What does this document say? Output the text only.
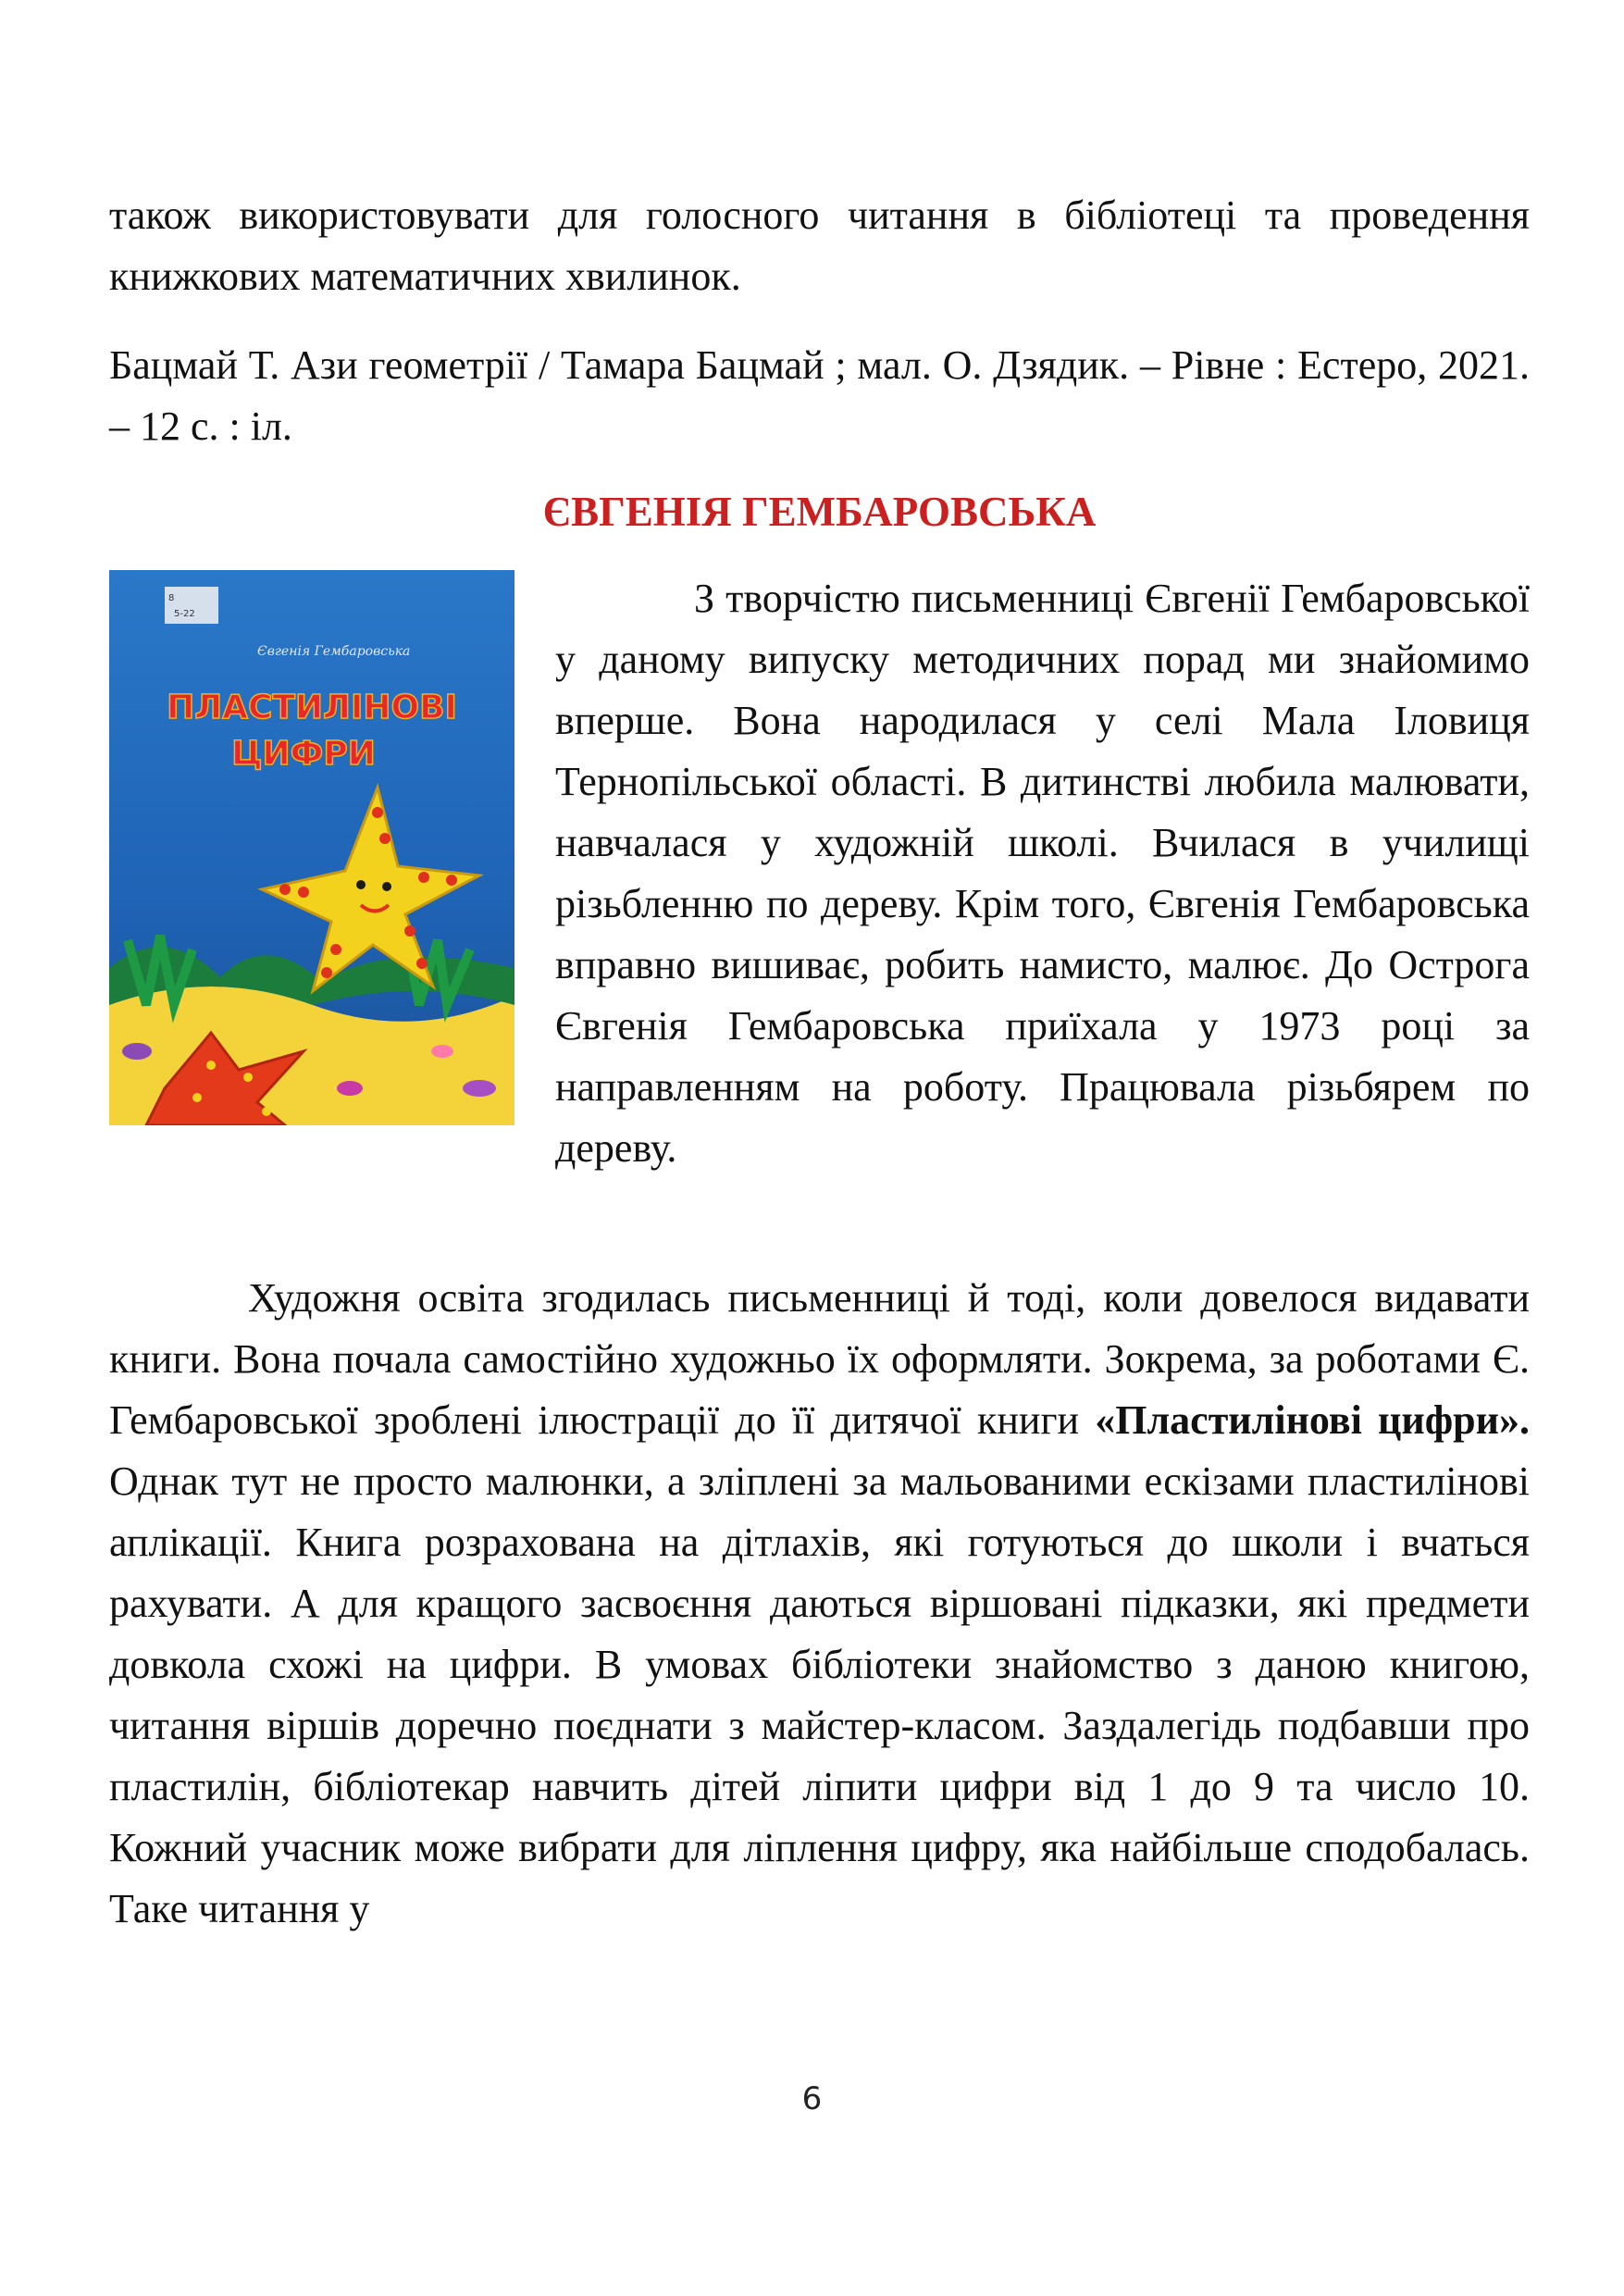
також використовувати для голосного читання в бібліотеці та проведення книжкових математичних хвилинок.

Бацмай Т. Ази геометрії / Тамара Бацмай ; мал. О. Дзядик. – Рівне : Естеро, 2021. – 12 с. : іл.

ЄВГЕНІЯ ГЕМБАРОВСЬКА
8
5-22
Євгенія Гембаровська
ПЛАСТИЛІНОВІ
ЦИФРИ
З творчістю письменниці Євгенії Гембаровської у даному випуску методичних порад ми знайомимо вперше. Вона народилася у селі Мала Іловиця Тернопільської області. В дитинстві любила малювати, навчалася у художній школі. Вчилася в училищі різьбленню по дереву. Крім того, Євгенія Гембаровська вправно вишиває, робить намисто, малює. До Острога Євгенія Гембаровська приїхала у 1973 році за направленням на роботу. Працювала різьбярем по дереву.

Художня освіта згодилась письменниці й тоді, коли довелося видавати книги. Вона почала самостійно художньо їх оформляти. Зокрема, за роботами Є. Гембаровської зроблені ілюстрації до її дитячої книги «Пластилінові цифри». Однак тут не просто малюнки, а зліплені за мальованими ескізами пластилінові аплікації. Книга розрахована на дітлахів, які готуються до школи і вчаться рахувати. А для кращого засвоєння даються віршовані підказки, які предмети довкола схожі на цифри. В умовах бібліотеки знайомство з даною книгою, читання віршів доречно поєднати з майстер-класом. Заздалегідь подбавши про пластилін, бібліотекар навчить дітей ліпити цифри від 1 до 9 та число 10. Кожний учасник може вибрати для ліплення цифру, яка найбільше сподобалась. Таке читання у

6
